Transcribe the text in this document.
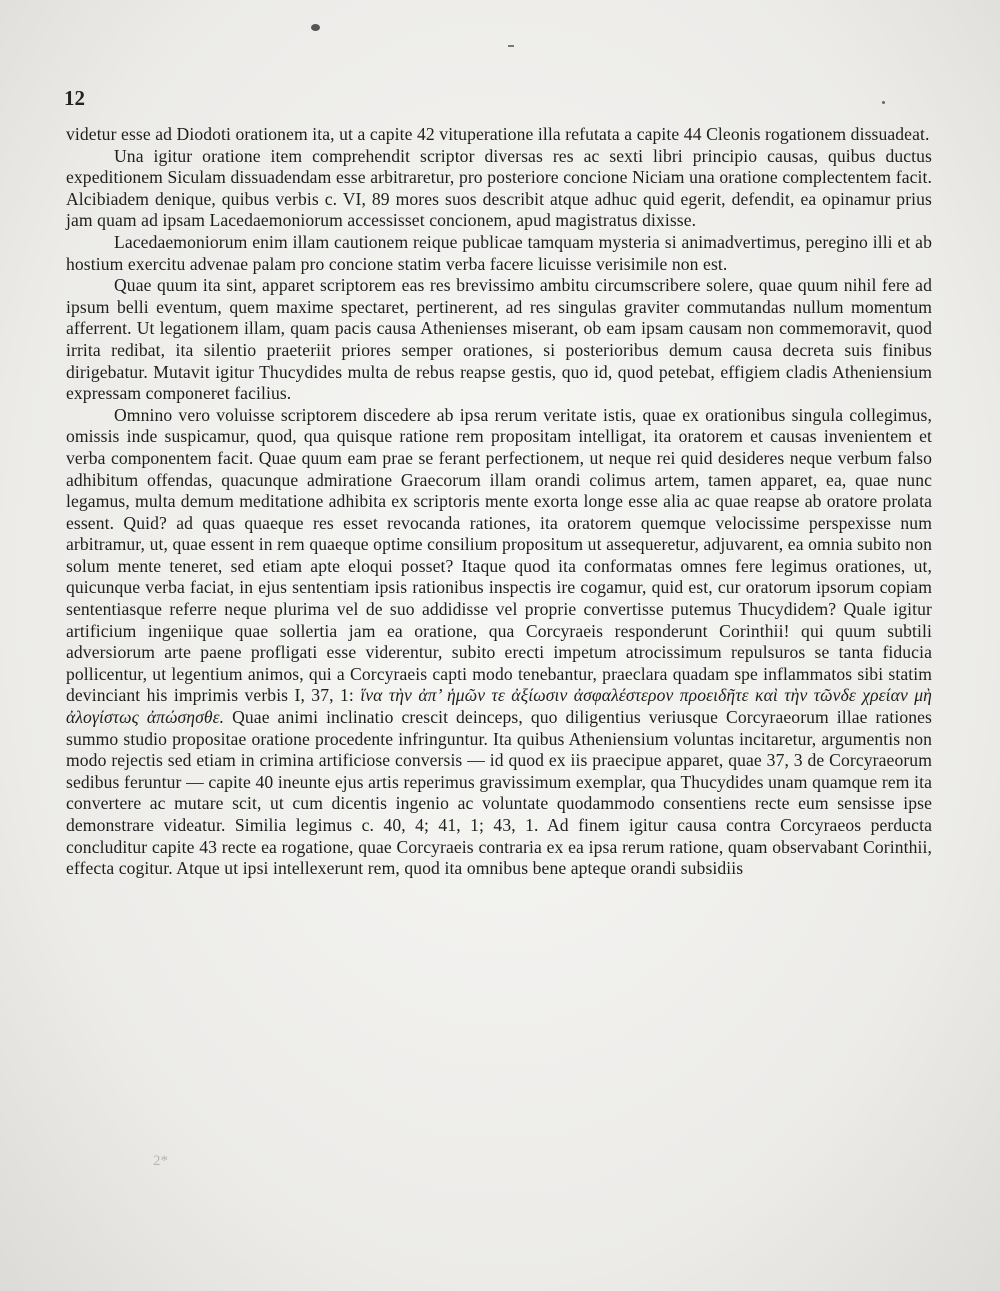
12

videtur esse ad Diodoti orationem ita, ut a capite 42 vituperatione illa refutata a capite 44 Cleonis rogationem dissuadeat.

Una igitur oratione item comprehendit scriptor diversas res ac sexti libri principio causas, quibus ductus expeditionem Siculam dissuadendam esse arbitraretur, pro posteriore concione Niciam una oratione complectentem facit. Alcibiadem denique, quibus verbis c. VI, 89 mores suos describit atque adhuc quid egerit, defendit, ea opinamur prius jam quam ad ipsam Lacedaemoniorum accessisset concionem, apud magistratus dixisse.

Lacedaemoniorum enim illam cautionem reique publicae tamquam mysteria si animadvertimus, peregino illi et ab hostium exercitu advenae palam pro concione statim verba facere licuisse verisimile non est.

Quae quum ita sint, apparet scriptorem eas res brevissimo ambitu circumscribere solere, quae quum nihil fere ad ipsum belli eventum, quem maxime spectaret, pertinerent, ad res singulas graviter commutandas nullum momentum afferrent. Ut legationem illam, quam pacis causa Athenienses miserant, ob eam ipsam causam non commemoravit, quod irrita redibat, ita silentio praeteriit priores semper orationes, si posterioribus demum causa decreta suis finibus dirigebatur. Mutavit igitur Thucydides multa de rebus reapse gestis, quo id, quod petebat, effigiem cladis Atheniensium expressam componeret facilius.

Omnino vero voluisse scriptorem discedere ab ipsa rerum veritate istis, quae ex orationibus singula collegimus, omissis inde suspicamur, quod, qua quisque ratione rem propositam intelligat, ita oratorem et causas invenientem et verba componentem facit. Quae quum eam prae se ferant perfectionem, ut neque rei quid desideres neque verbum falso adhibitum offendas, quacunque admiratione Graecorum illam orandi colimus artem, tamen apparet, ea, quae nunc legamus, multa demum meditatione adhibita ex scriptoris mente exorta longe esse alia ac quae reapse ab oratore prolata essent. Quid? ad quas quaeque res esset revocanda rationes, ita oratorem quemque velocissime perspexisse num arbitramur, ut, quae essent in rem quaeque optime consilium propositum ut assequeretur, adjuvarent, ea omnia subito non solum mente teneret, sed etiam apte eloqui posset? Itaque quod ita conformatas omnes fere legimus orationes, ut, quicunque verba faciat, in ejus sententiam ipsis rationibus inspectis ire cogamur, quid est, cur oratorum ipsorum copiam sententiasque referre neque plurima vel de suo addidisse vel proprie convertisse putemus Thucydidem? Quale igitur artificium ingeniique quae sollertia jam ea oratione, qua Corcyraeis responderunt Corinthii! qui quum subtili adversiorum arte paene profligati esse viderentur, subito erecti impetum atrocissimum repulsuros se tanta fiducia pollicentur, ut legentium animos, qui a Corcyraeis capti modo tenebantur, praeclara quadam spe inflammatos sibi statim devinciant his imprimis verbis I, 37, 1: ἵνα τὴν ἀπ’ ἡμῶν τε ἀξίωσιν ἀσφαλέστερον προειδῆτε καὶ τὴν τῶνδε χρείαν μὴ ἀλογίστως ἀπώσησθε. Quae animi inclinatio crescit deinceps, quo diligentius veriusque Corcyraeorum illae rationes summo studio propositae oratione procedente infringuntur. Ita quibus Atheniensium voluntas incitaretur, argumentis non modo rejectis sed etiam in crimina artificiose conversis — id quod ex iis praecipue apparet, quae 37, 3 de Corcyraeorum sedibus feruntur — capite 40 ineunte ejus artis reperimus gravissimum exemplar, qua Thucydides unam quamque rem ita convertere ac mutare scit, ut cum dicentis ingenio ac voluntate quodammodo consentiens recte eum sensisse ipse demonstrare videatur. Similia legimus c. 40, 4; 41, 1; 43, 1. Ad finem igitur causa contra Corcyraeos perducta concluditur capite 43 recte ea rogatione, quae Corcyraeis contraria ex ea ipsa rerum ratione, quam observabant Corinthii, effecta cogitur. Atque ut ipsi intellexerunt rem, quod ita omnibus bene apteque orandi subsidiis

2*
